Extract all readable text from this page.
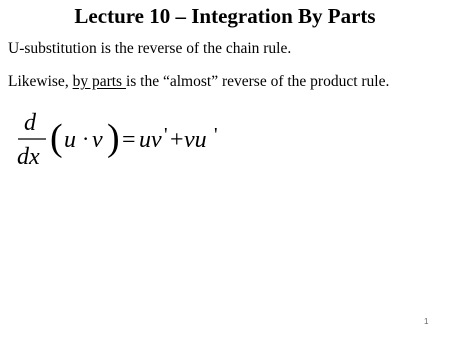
Lecture 10 – Integration By Parts
U-substitution is the reverse of the chain rule.
Likewise, by parts is the “almost” reverse of the product rule.
d
dx ( u · v ) = uv ' + vu '
1
